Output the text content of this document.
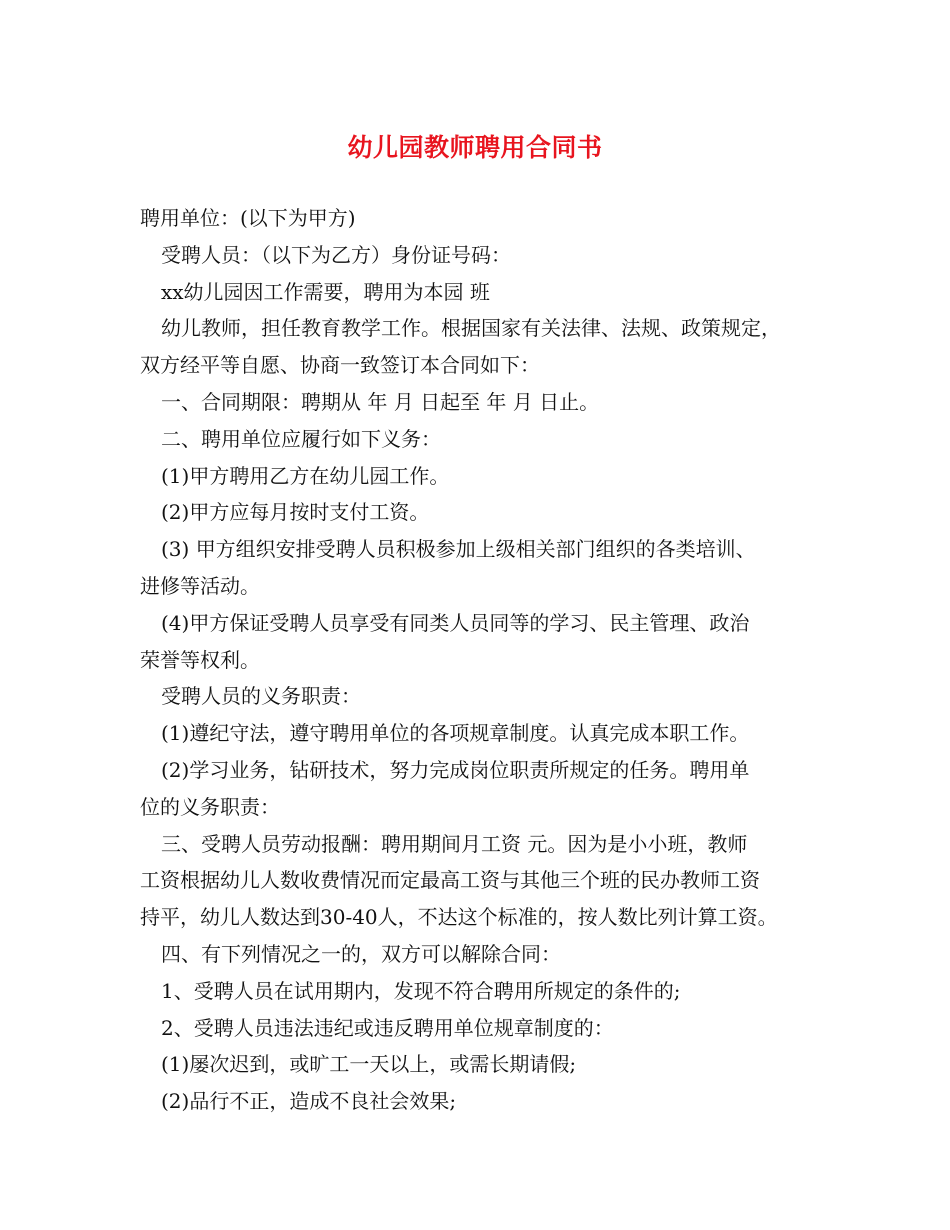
幼儿园教师聘用合同书
聘用单位：(以下为甲方)
受聘人员：（以下为乙方）身份证号码：
xx幼儿园因工作需要，聘用为本园 班
幼儿教师，担任教育教学工作。根据国家有关法律、法规、政策规定，
双方经平等自愿、协商一致签订本合同如下：
一、合同期限：聘期从 年 月 日起至 年 月 日止。
二、聘用单位应履行如下义务：
(1)甲方聘用乙方在幼儿园工作。
(2)甲方应每月按时支付工资。
(3) 甲方组织安排受聘人员积极参加上级相关部门组织的各类培训、
进修等活动。
(4)甲方保证受聘人员享受有同类人员同等的学习、民主管理、政治
荣誉等权利。
受聘人员的义务职责：
(1)遵纪守法，遵守聘用单位的各项规章制度。认真完成本职工作。
(2)学习业务，钻研技术，努力完成岗位职责所规定的任务。聘用单
位的义务职责：
三、受聘人员劳动报酬：聘用期间月工资 元。因为是小小班，教师
工资根据幼儿人数收费情况而定最高工资与其他三个班的民办教师工资
持平，幼儿人数达到30-40人，不达这个标准的，按人数比列计算工资。
四、有下列情况之一的，双方可以解除合同：
1、受聘人员在试用期内，发现不符合聘用所规定的条件的;
2、受聘人员违法违纪或违反聘用单位规章制度的：
(1)屡次迟到，或旷工一天以上，或需长期请假;
(2)品行不正，造成不良社会效果;
